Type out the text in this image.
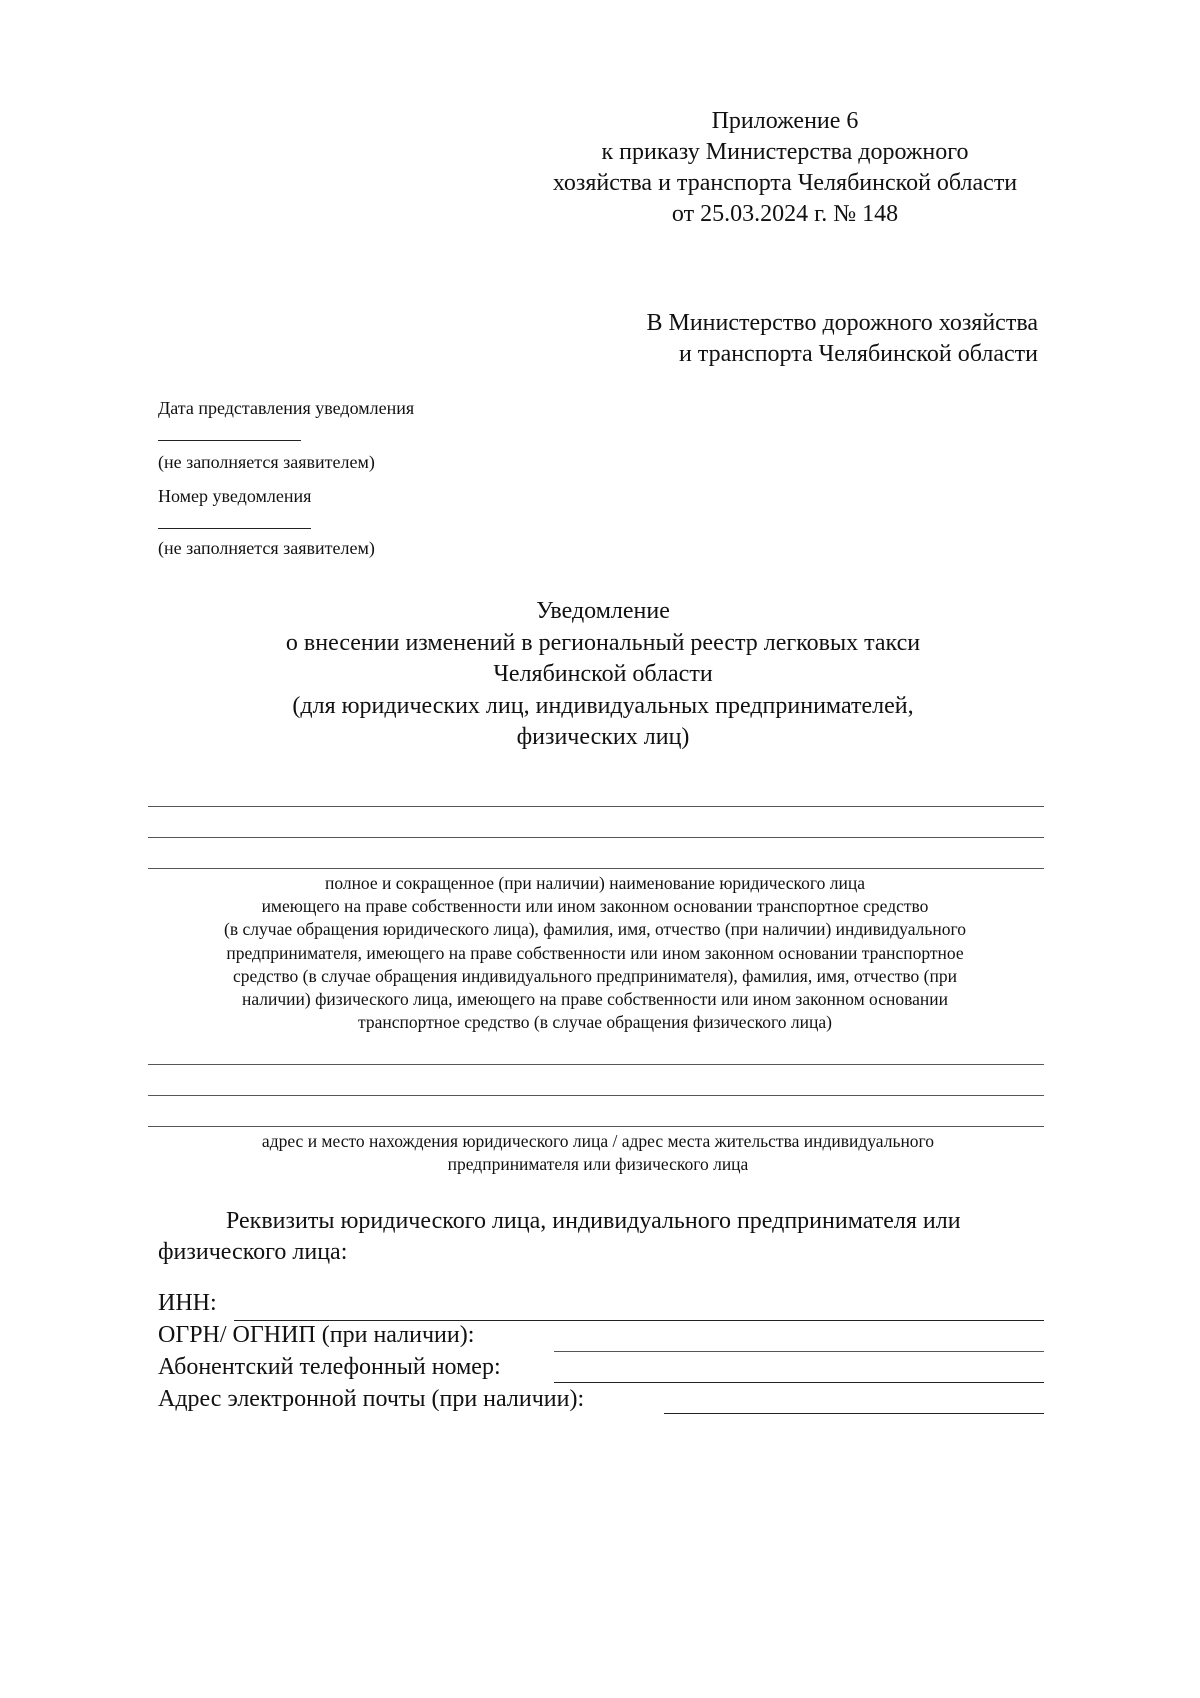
Приложение 6
к приказу Министерства дорожного
хозяйства и транспорта Челябинской области
от 25.03.2024 г. № 148
В Министерство дорожного хозяйства
и транспорта Челябинской области
Дата представления уведомления
(не заполняется заявителем)
Номер уведомления
(не заполняется заявителем)
Уведомление
о внесении изменений в региональный реестр легковых такси
Челябинской области
(для юридических лиц, индивидуальных предпринимателей,
физических лиц)
полное и сокращенное (при наличии) наименование юридического лица
имеющего на праве собственности или ином законном основании транспортное средство
(в случае обращения юридического лица), фамилия, имя, отчество (при наличии) индивидуального
предпринимателя, имеющего на праве собственности или ином законном основании транспортное
средство (в случае обращения индивидуального предпринимателя), фамилия, имя, отчество (при
наличии) физического лица, имеющего на праве собственности или ином законном основании
транспортное средство (в случае обращения физического лица)
адрес и место нахождения юридического лица / адрес места жительства индивидуального
предпринимателя или физического лица
Реквизиты юридического лица, индивидуального предпринимателя или
физического лица:
ИНН:
ОГРН/ ОГНИП (при наличии):
Абонентский телефонный номер:
Адрес электронной почты (при наличии):
